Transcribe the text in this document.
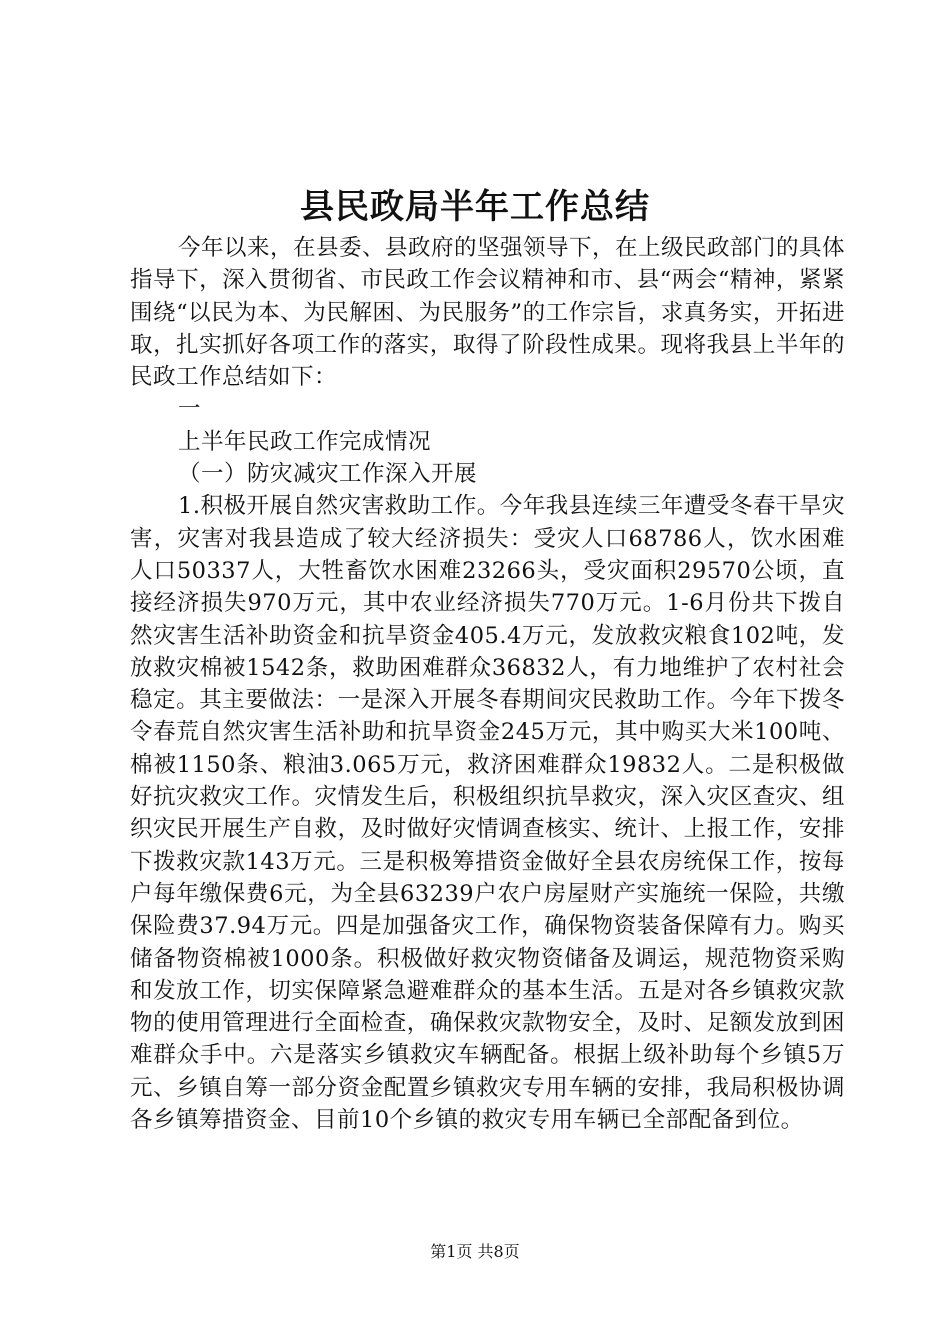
县民政局半年工作总结

今年以来，在县委、县政府的坚强领导下，在上级民政部门的具体指导下，深入贯彻省、市民政工作会议精神和市、县“两会“精神，紧紧围绕“以民为本、为民解困、为民服务”的工作宗旨，求真务实，开拓进取，扎实抓好各项工作的落实，取得了阶段性成果。现将我县上半年的民政工作总结如下：

一

上半年民政工作完成情况

（一）防灾减灾工作深入开展

1.积极开展自然灾害救助工作。今年我县连续三年遭受冬春干旱灾害，灾害对我县造成了较大经济损失：受灾人口68786人，饮水困难人口50337人，大牲畜饮水困难23266头，受灾面积29570公顷，直接经济损失970万元，其中农业经济损失770万元。1-6月份共下拨自然灾害生活补助资金和抗旱资金405.4万元，发放救灾粮食102吨，发放救灾棉被1542条，救助困难群众36832人，有力地维护了农村社会稳定。其主要做法：一是深入开展冬春期间灾民救助工作。今年下拨冬令春荒自然灾害生活补助和抗旱资金245万元，其中购买大米100吨、棉被1150条、粮油3.065万元，救济困难群众19832人。二是积极做好抗灾救灾工作。灾情发生后，积极组织抗旱救灾，深入灾区查灾、组织灾民开展生产自救，及时做好灾情调查核实、统计、上报工作，安排下拨救灾款143万元。三是积极筹措资金做好全县农房统保工作，按每户每年缴保费6元，为全县63239户农户房屋财产实施统一保险，共缴保险费37.94万元。四是加强备灾工作，确保物资装备保障有力。购买储备物资棉被1000条。积极做好救灾物资储备及调运，规范物资采购和发放工作，切实保障紧急避难群众的基本生活。五是对各乡镇救灾款物的使用管理进行全面检查，确保救灾款物安全，及时、足额发放到困难群众手中。六是落实乡镇救灾车辆配备。根据上级补助每个乡镇5万元、乡镇自筹一部分资金配置乡镇救灾专用车辆的安排，我局积极协调各乡镇筹措资金、目前10个乡镇的救灾专用车辆已全部配备到位。

第1页 共8页
